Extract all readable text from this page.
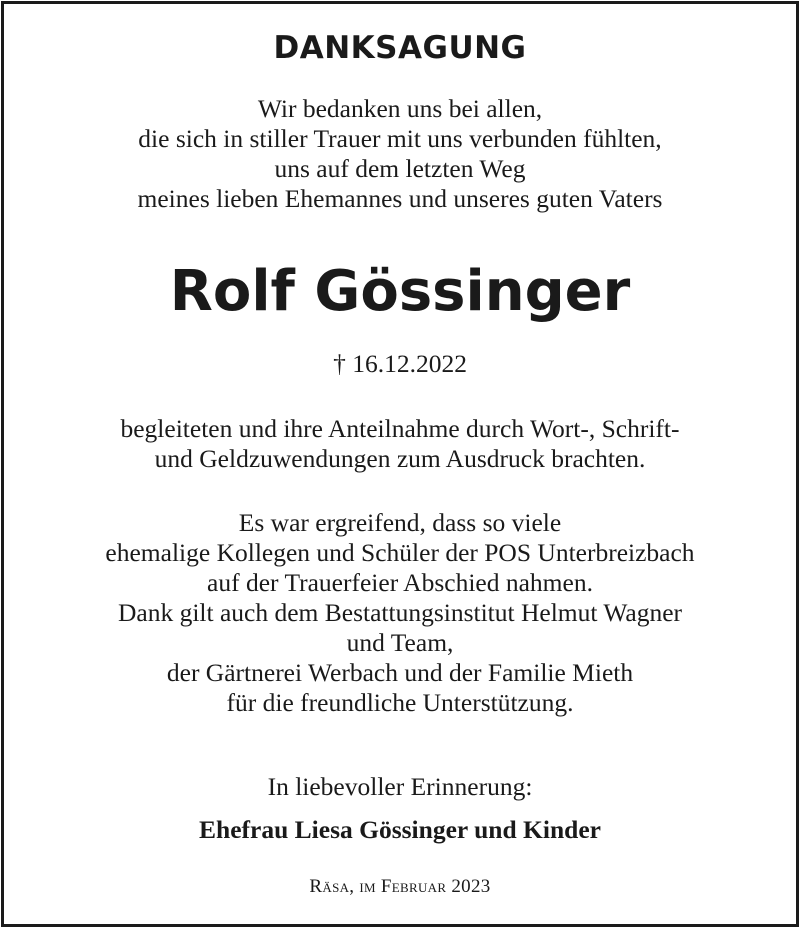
DANKSAGUNG
Wir bedanken uns bei allen,
die sich in stiller Trauer mit uns verbunden fühlten,
uns auf dem letzten Weg
meines lieben Ehemannes und unseres guten Vaters
Rolf Gössinger
† 16.12.2022
begleiteten und ihre Anteilnahme durch Wort-, Schrift-
und Geldzuwendungen zum Ausdruck brachten.
Es war ergreifend, dass so viele
ehemalige Kollegen und Schüler der POS Unterbreizbach
auf der Trauerfeier Abschied nahmen.
Dank gilt auch dem Bestattungsinstitut Helmut Wagner
und Team,
der Gärtnerei Werbach und der Familie Mieth
für die freundliche Unterstützung.
In liebevoller Erinnerung:
Ehefrau Liesa Gössinger und Kinder
Räsa, im Februar 2023
